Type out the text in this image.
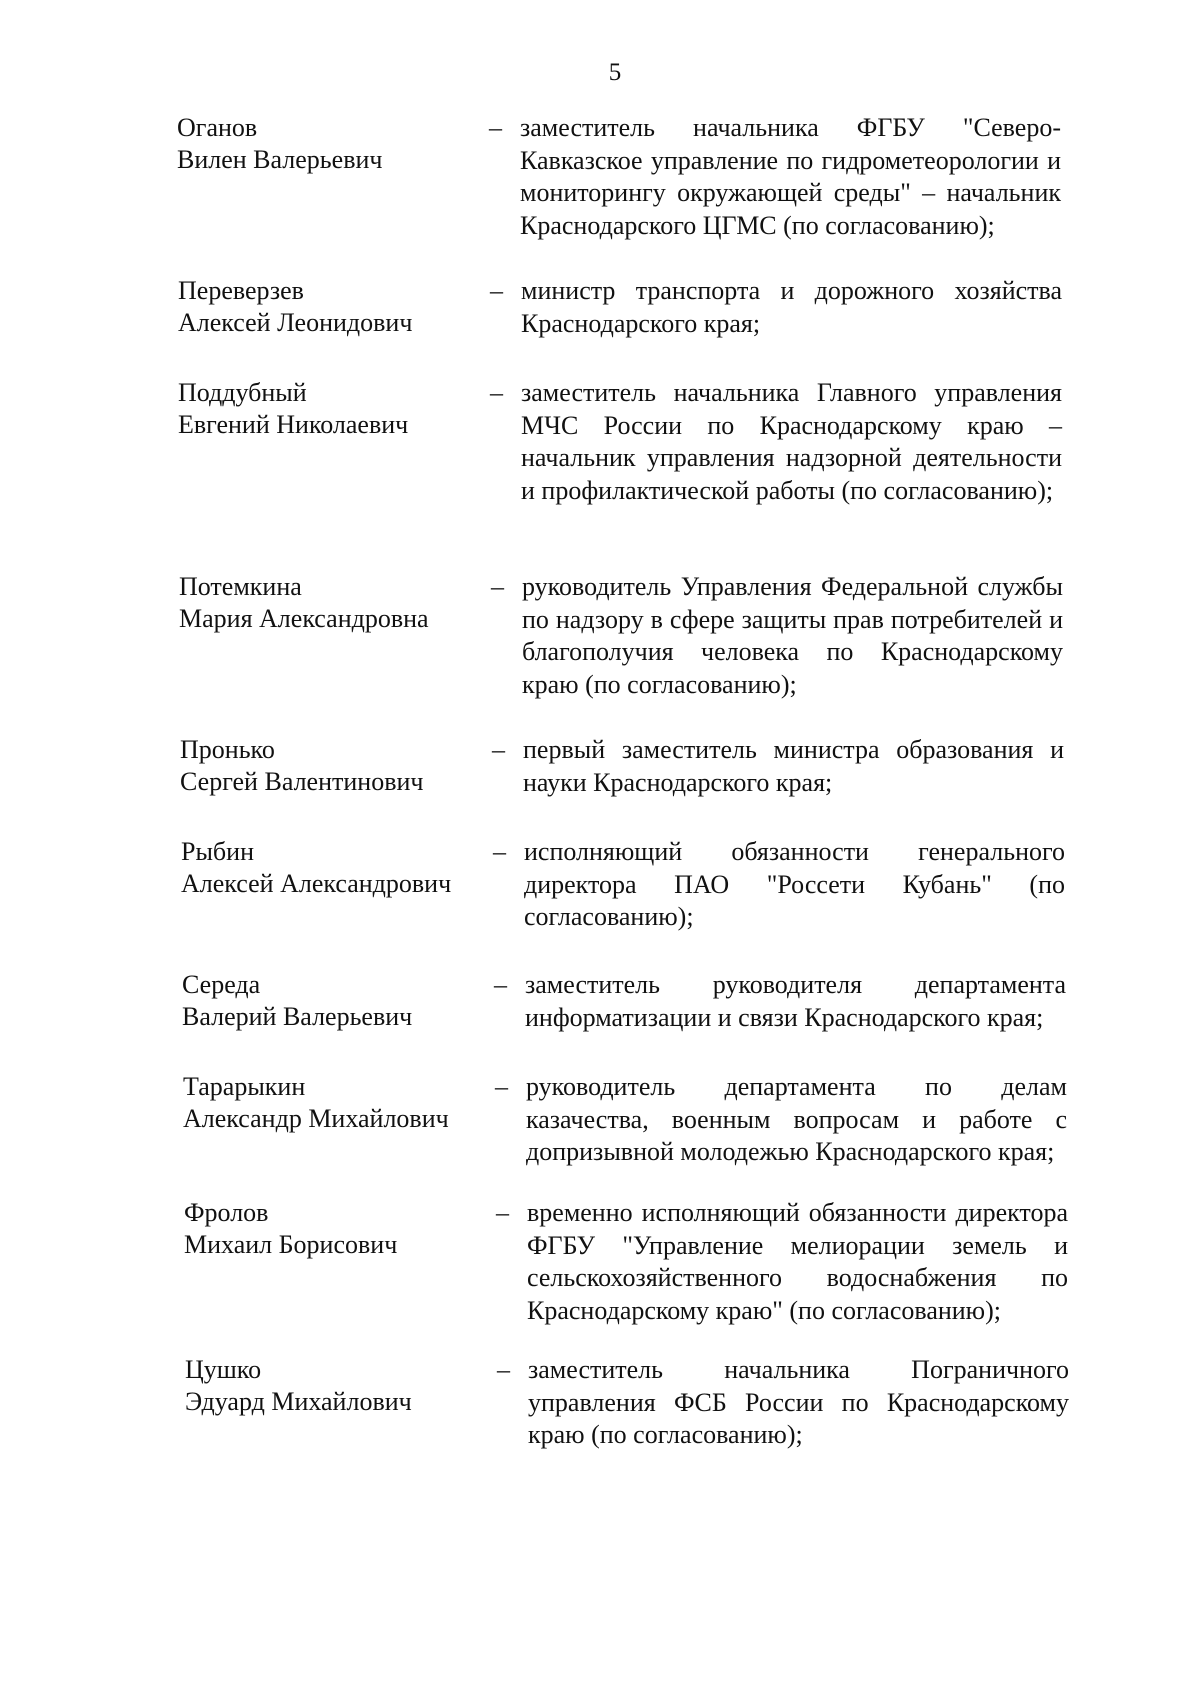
5
Оганов
Вилен Валерьевич
– заместитель начальника ФГБУ "Северо-Кавказское управление по гидрометеорологии и мониторингу окружающей среды" – начальник Краснодарского ЦГМС (по согласованию);
Переверзев
Алексей Леонидович
– министр транспорта и дорожного хозяйства Краснодарского края;
Поддубный
Евгений Николаевич
– заместитель начальника Главного управления МЧС России по Краснодарскому краю – начальник управления надзорной деятельности и профилактической работы (по согласованию);
Потемкина
Мария Александровна
– руководитель Управления Федеральной службы по надзору в сфере защиты прав потребителей и благополучия человека по Краснодарскому краю (по согласованию);
Пронько
Сергей Валентинович
– первый заместитель министра образования и науки Краснодарского края;
Рыбин
Алексей Александрович
– исполняющий обязанности генерального директора ПАО "Россети Кубань" (по согласованию);
Середа
Валерий Валерьевич
– заместитель руководителя департамента информатизации и связи Краснодарского края;
Тарарыкин
Александр Михайлович
– руководитель департамента по делам казачества, военным вопросам и работе с допризывной молодежью Краснодарского края;
Фролов
Михаил Борисович
– временно исполняющий обязанности директора ФГБУ "Управление мелиорации земель и сельскохозяйственного водоснабжения по Краснодарскому краю" (по согласованию);
Цушко
Эдуард Михайлович
– заместитель начальника Пограничного управления ФСБ России по Краснодарскому краю (по согласованию);
